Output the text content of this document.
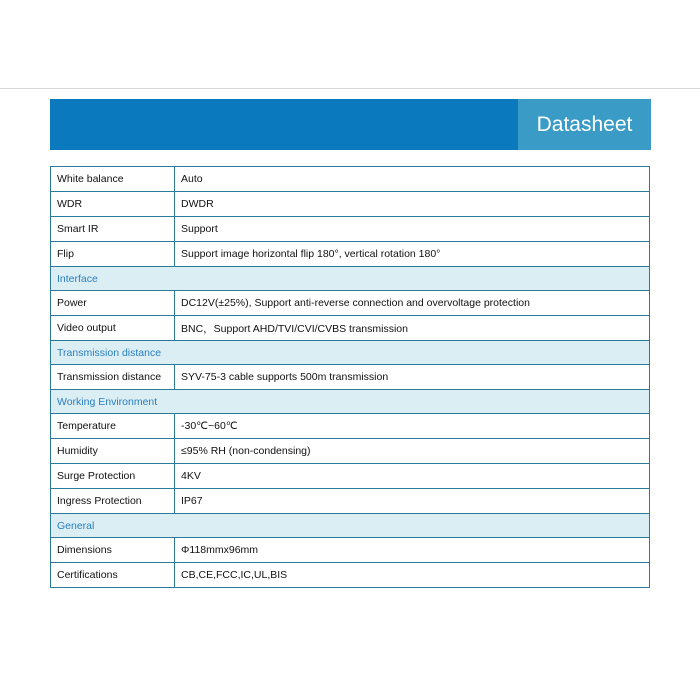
Datasheet
White balance	Auto
WDR	DWDR
Smart IR	Support
Flip	Support image horizontal flip 180°, vertical rotation 180°
Interface	
Power	DC12V(±25%), Support anti-reverse connection and overvoltage protection
Video output	BNC，Support AHD/TVI/CVI/CVBS transmission
Transmission distance	
Transmission distance	SYV-75-3 cable supports 500m transmission
Working Environment	
Temperature	-30℃~60℃
Humidity	≤95% RH (non-condensing)
Surge Protection	4KV
Ingress Protection	IP67
General	
Dimensions	Φ118mmx96mm
Certifications	CB,CE,FCC,IC,UL,BIS
